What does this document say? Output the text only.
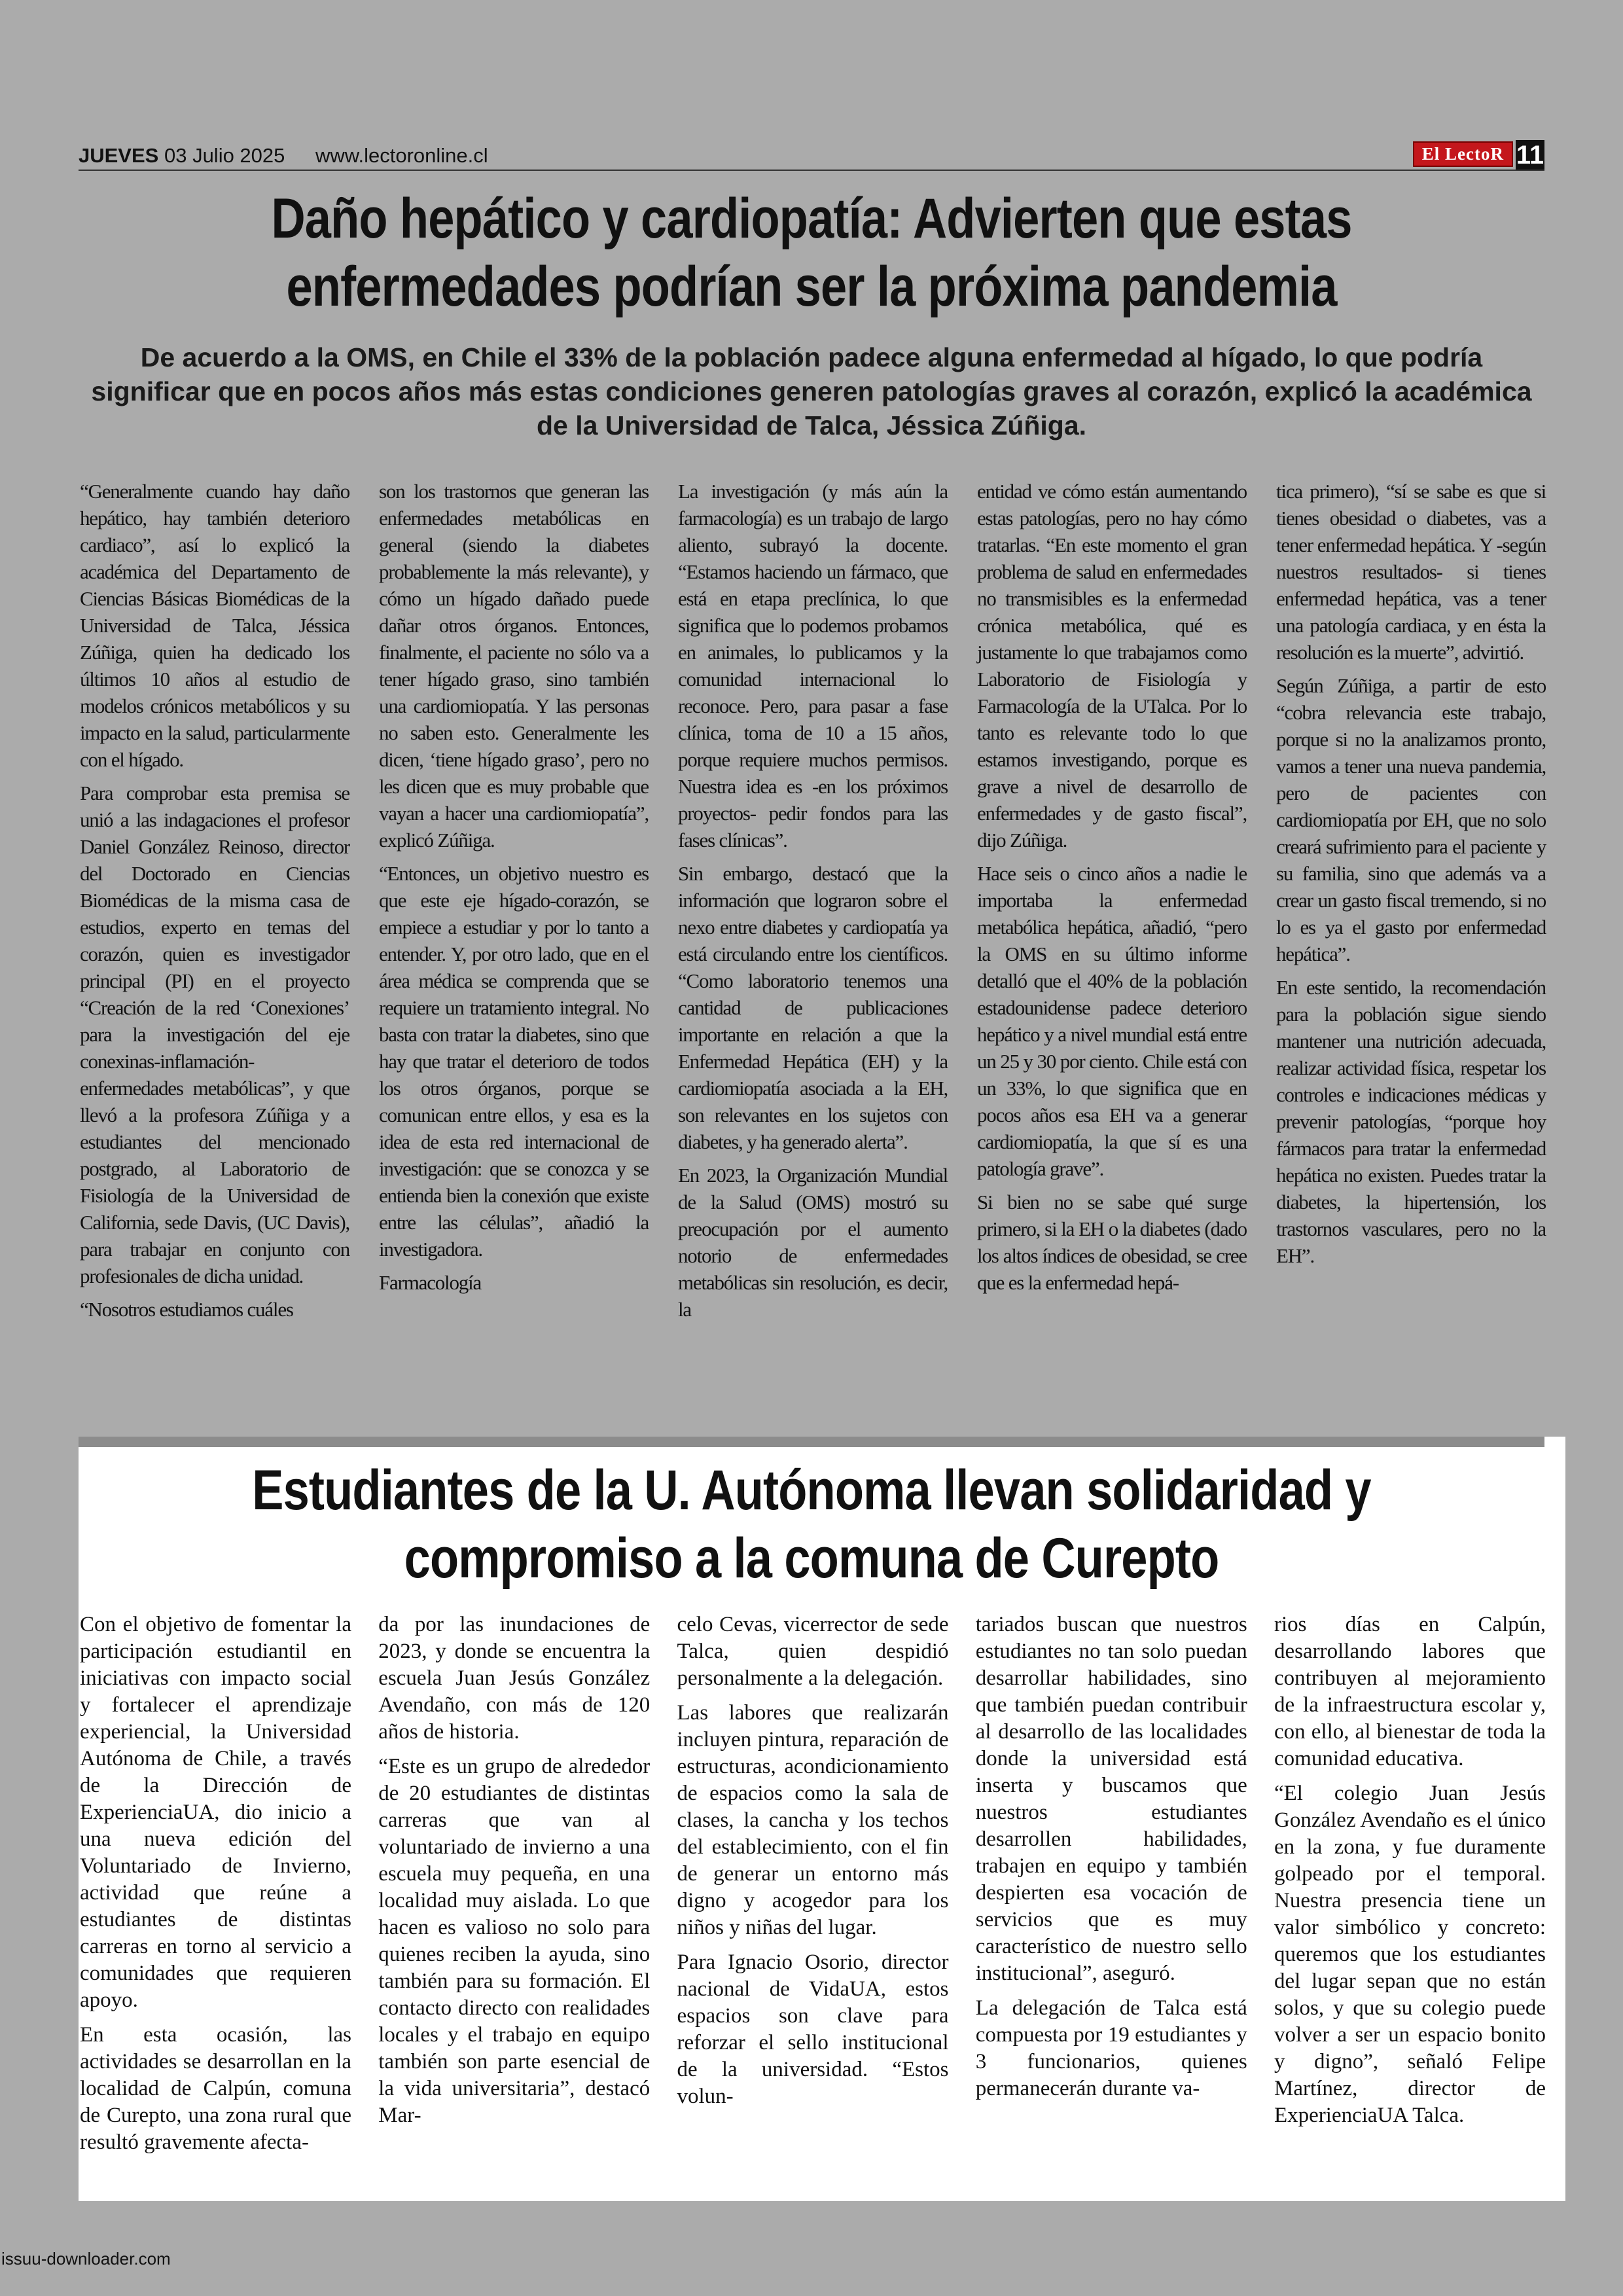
JUEVES 03 Julio 2025 www.lectoronline.cl	El LectoR 11
Daño hepático y cardiopatía: Advierten que estas
enfermedades podrían ser la próxima pandemia

De acuerdo a la OMS, en Chile el 33% de la población padece alguna enfermedad al hígado, lo que podría significar que en pocos años más estas condiciones generen patologías graves al corazón, explicó la académica de la Universidad de Talca, Jéssica Zúñiga.

“Generalmente cuando hay daño hepático, hay también deterioro cardiaco”, así lo explicó la académica del Departamento de Ciencias Básicas Biomédicas de la Universidad de Talca, Jéssica Zúñiga, quien ha dedicado los últimos 10 años al estudio de modelos crónicos metabólicos y su impacto en la salud, particularmente con el hígado.

Para comprobar esta premisa se unió a las indagaciones el profesor Daniel González Reinoso, director del Doctorado en Ciencias Biomédicas de la misma casa de estudios, experto en temas del corazón, quien es investigador principal (PI) en el proyecto “Creación de la red ‘Conexiones’ para la investigación del eje conexinas-inflamación-enfermedades metabólicas”, y que llevó a la profesora Zúñiga y a estudiantes del mencionado postgrado, al Laboratorio de Fisiología de la Universidad de California, sede Davis, (UC Davis), para trabajar en conjunto con profesionales de dicha unidad.

“Nosotros estudiamos cuáles

son los trastornos que generan las enfermedades metabólicas en general (siendo la diabetes probablemente la más relevante), y cómo un hígado dañado puede dañar otros órganos. Entonces, finalmente, el paciente no sólo va a tener hígado graso, sino también una cardiomiopatía. Y las personas no saben esto. Generalmente les dicen, ‘tiene hígado graso’, pero no les dicen que es muy probable que vayan a hacer una cardiomiopatía”, explicó Zúñiga.

“Entonces, un objetivo nuestro es que este eje hígado-corazón, se empiece a estudiar y por lo tanto a entender. Y, por otro lado, que en el área médica se comprenda que se requiere un tratamiento integral. No basta con tratar la diabetes, sino que hay que tratar el deterioro de todos los otros órganos, porque se comunican entre ellos, y esa es la idea de esta red internacional de investigación: que se conozca y se entienda bien la conexión que existe entre las células”, añadió la investigadora.

Farmacología

La investigación (y más aún la farmacología) es un trabajo de largo aliento, subrayó la docente. “Estamos haciendo un fármaco, que está en etapa preclínica, lo que significa que lo podemos probamos en animales, lo publicamos y la comunidad internacional lo reconoce. Pero, para pasar a fase clínica, toma de 10 a 15 años, porque requiere muchos permisos. Nuestra idea es -en los próximos proyectos- pedir fondos para las fases clínicas”.

Sin embargo, destacó que la información que lograron sobre el nexo entre diabetes y cardiopatía ya está circulando entre los científicos. “Como laboratorio tenemos una cantidad de publicaciones importante en relación a que la Enfermedad Hepática (EH) y la cardiomiopatía asociada a la EH, son relevantes en los sujetos con diabetes, y ha generado alerta”.

En 2023, la Organización Mundial de la Salud (OMS) mostró su preocupación por el aumento notorio de enfermedades metabólicas sin resolución, es decir, la

entidad ve cómo están aumentando estas patologías, pero no hay cómo tratarlas. “En este momento el gran problema de salud en enfermedades no transmisibles es la enfermedad crónica metabólica, qué es justamente lo que trabajamos como Laboratorio de Fisiología y Farmacología de la UTalca. Por lo tanto es relevante todo lo que estamos investigando, porque es grave a nivel de desarrollo de enfermedades y de gasto fiscal”, dijo Zúñiga.

Hace seis o cinco años a nadie le importaba la enfermedad metabólica hepática, añadió, “pero la OMS en su último informe detalló que el 40% de la población estadounidense padece deterioro hepático y a nivel mundial está entre un 25 y 30 por ciento. Chile está con un 33%, lo que significa que en pocos años esa EH va a generar cardiomiopatía, la que sí es una patología grave”.

Si bien no se sabe qué surge primero, si la EH o la diabetes (dado los altos índices de obesidad, se cree que es la enfermedad hepá-

tica primero), “sí se sabe es que si tienes obesidad o diabetes, vas a tener enfermedad hepática. Y -según nuestros resultados- si tienes enfermedad hepática, vas a tener una patología cardiaca, y en ésta la resolución es la muerte”, advirtió.

Según Zúñiga, a partir de esto “cobra relevancia este trabajo, porque si no la analizamos pronto, vamos a tener una nueva pandemia, pero de pacientes con cardiomiopatía por EH, que no solo creará sufrimiento para el paciente y su familia, sino que además va a crear un gasto fiscal tremendo, si no lo es ya el gasto por enfermedad hepática”.

En este sentido, la recomendación para la población sigue siendo mantener una nutrición adecuada, realizar actividad física, respetar los controles e indicaciones médicas y prevenir patologías, “porque hoy fármacos para tratar la enfermedad hepática no existen. Puedes tratar la diabetes, la hipertensión, los trastornos vasculares, pero no la EH”.

Estudiantes de la U. Autónoma llevan solidaridad y
compromiso a la comuna de Curepto

Con el objetivo de fomentar la participación estudiantil en iniciativas con impacto social y fortalecer el aprendizaje experiencial, la Universidad Autónoma de Chile, a través de la Dirección de ExperienciaUA, dio inicio a una nueva edición del Voluntariado de Invierno, actividad que reúne a estudiantes de distintas carreras en torno al servicio a comunidades que requieren apoyo.

En esta ocasión, las actividades se desarrollan en la localidad de Calpún, comuna de Curepto, una zona rural que resultó gravemente afecta-

da por las inundaciones de 2023, y donde se encuentra la escuela Juan Jesús González Avendaño, con más de 120 años de historia.

“Este es un grupo de alrededor de 20 estudiantes de distintas carreras que van al voluntariado de invierno a una escuela muy pequeña, en una localidad muy aislada. Lo que hacen es valioso no solo para quienes reciben la ayuda, sino también para su formación. El contacto directo con realidades locales y el trabajo en equipo también son parte esencial de la vida universitaria”, destacó Mar-

celo Cevas, vicerrector de sede Talca, quien despidió personalmente a la delegación.

Las labores que realizarán incluyen pintura, reparación de estructuras, acondicionamiento de espacios como la sala de clases, la cancha y los techos del establecimiento, con el fin de generar un entorno más digno y acogedor para los niños y niñas del lugar.

Para Ignacio Osorio, director nacional de VidaUA, estos espacios son clave para reforzar el sello institucional de la universidad. “Estos volun-

tariados buscan que nuestros estudiantes no tan solo puedan desarrollar habilidades, sino que también puedan contribuir al desarrollo de las localidades donde la universidad está inserta y buscamos que nuestros estudiantes desarrollen habilidades, trabajen en equipo y también despierten esa vocación de servicios que es muy característico de nuestro sello institucional”, aseguró.

La delegación de Talca está compuesta por 19 estudiantes y 3 funcionarios, quienes permanecerán durante va-

rios días en Calpún, desarrollando labores que contribuyen al mejoramiento de la infraestructura escolar y, con ello, al bienestar de toda la comunidad educativa.

“El colegio Juan Jesús González Avendaño es el único en la zona, y fue duramente golpeado por el temporal. Nuestra presencia tiene un valor simbólico y concreto: queremos que los estudiantes del lugar sepan que no están solos, y que su colegio puede volver a ser un espacio bonito y digno”, señaló Felipe Martínez, director de ExperienciaUA Talca.

issuu-downloader.com
